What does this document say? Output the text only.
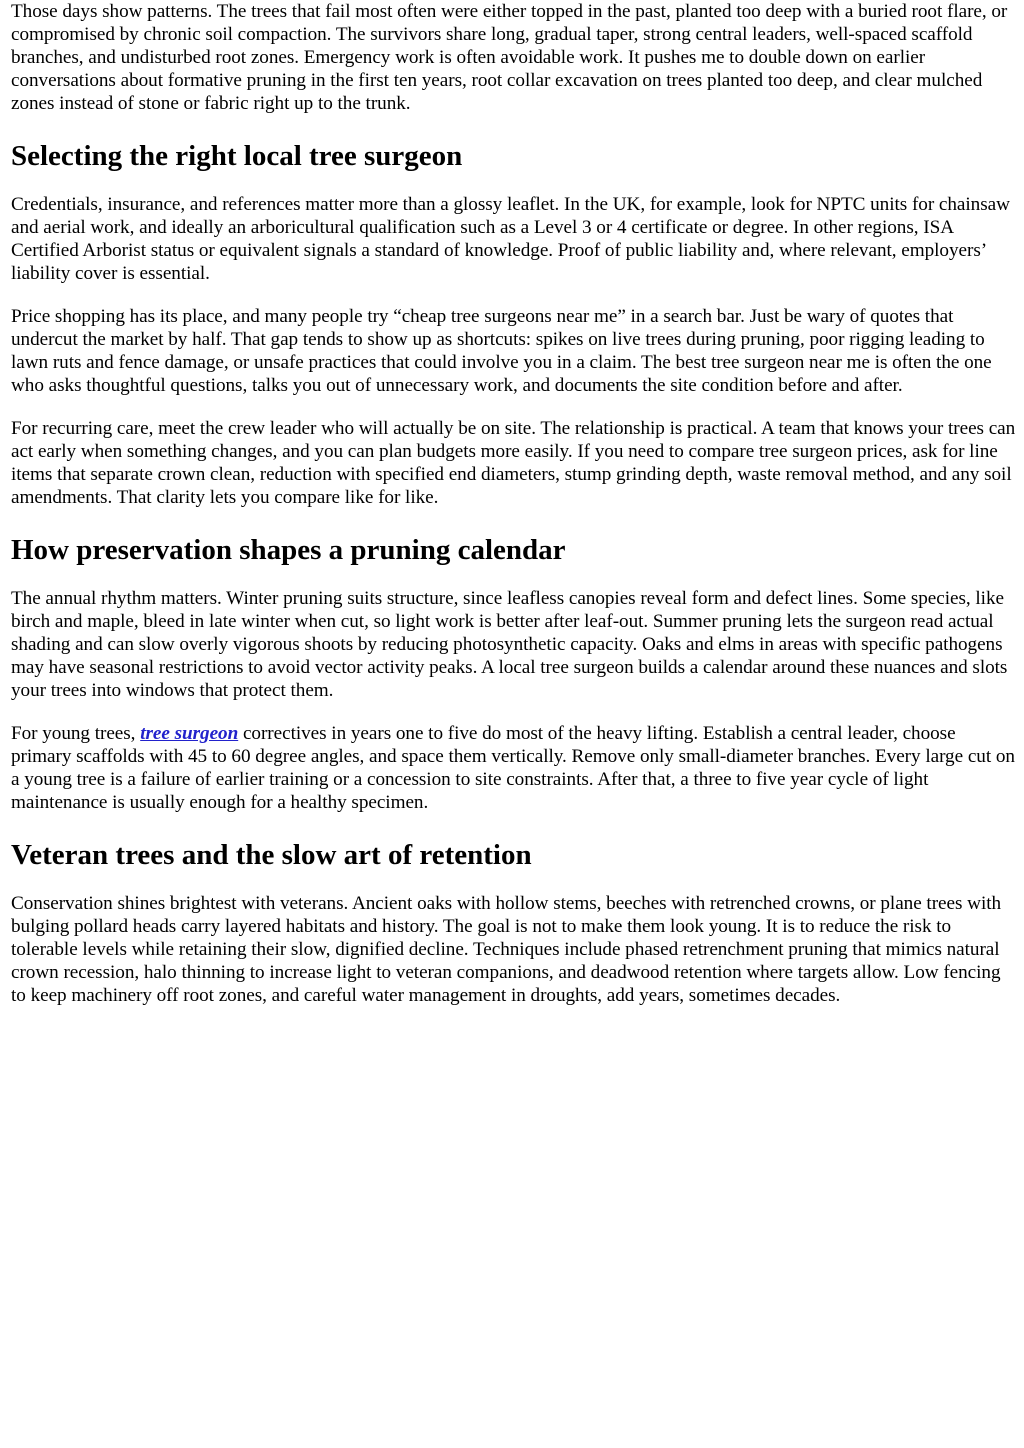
Those days show patterns. The trees that fail most often were either topped in the past, planted too deep with a buried root flare, or compromised by chronic soil compaction. The survivors share long, gradual taper, strong central leaders, well-spaced scaffold branches, and undisturbed root zones. Emergency work is often avoidable work. It pushes me to double down on earlier conversations about formative pruning in the first ten years, root collar excavation on trees planted too deep, and clear mulched zones instead of stone or fabric right up to the trunk.

Selecting the right local tree surgeon

Credentials, insurance, and references matter more than a glossy leaflet. In the UK, for example, look for NPTC units for chainsaw and aerial work, and ideally an arboricultural qualification such as a Level 3 or 4 certificate or degree. In other regions, ISA Certified Arborist status or equivalent signals a standard of knowledge. Proof of public liability and, where relevant, employers’ liability cover is essential.

Price shopping has its place, and many people try “cheap tree surgeons near me” in a search bar. Just be wary of quotes that undercut the market by half. That gap tends to show up as shortcuts: spikes on live trees during pruning, poor rigging leading to lawn ruts and fence damage, or unsafe practices that could involve you in a claim. The best tree surgeon near me is often the one who asks thoughtful questions, talks you out of unnecessary work, and documents the site condition before and after.

For recurring care, meet the crew leader who will actually be on site. The relationship is practical. A team that knows your trees can act early when something changes, and you can plan budgets more easily. If you need to compare tree surgeon prices, ask for line items that separate crown clean, reduction with specified end diameters, stump grinding depth, waste removal method, and any soil amendments. That clarity lets you compare like for like.

How preservation shapes a pruning calendar

The annual rhythm matters. Winter pruning suits structure, since leafless canopies reveal form and defect lines. Some species, like birch and maple, bleed in late winter when cut, so light work is better after leaf-out. Summer pruning lets the surgeon read actual shading and can slow overly vigorous shoots by reducing photosynthetic capacity. Oaks and elms in areas with specific pathogens may have seasonal restrictions to avoid vector activity peaks. A local tree surgeon builds a calendar around these nuances and slots your trees into windows that protect them.

For young trees, tree surgeon correctives in years one to five do most of the heavy lifting. Establish a central leader, choose primary scaffolds with 45 to 60 degree angles, and space them vertically. Remove only small-diameter branches. Every large cut on a young tree is a failure of earlier training or a concession to site constraints. After that, a three to five year cycle of light maintenance is usually enough for a healthy specimen.

Veteran trees and the slow art of retention

Conservation shines brightest with veterans. Ancient oaks with hollow stems, beeches with retrenched crowns, or plane trees with bulging pollard heads carry layered habitats and history. The goal is not to make them look young. It is to reduce the risk to tolerable levels while retaining their slow, dignified decline. Techniques include phased retrenchment pruning that mimics natural crown recession, halo thinning to increase light to veteran companions, and deadwood retention where targets allow. Low fencing to keep machinery off root zones, and careful water management in droughts, add years, sometimes decades.
